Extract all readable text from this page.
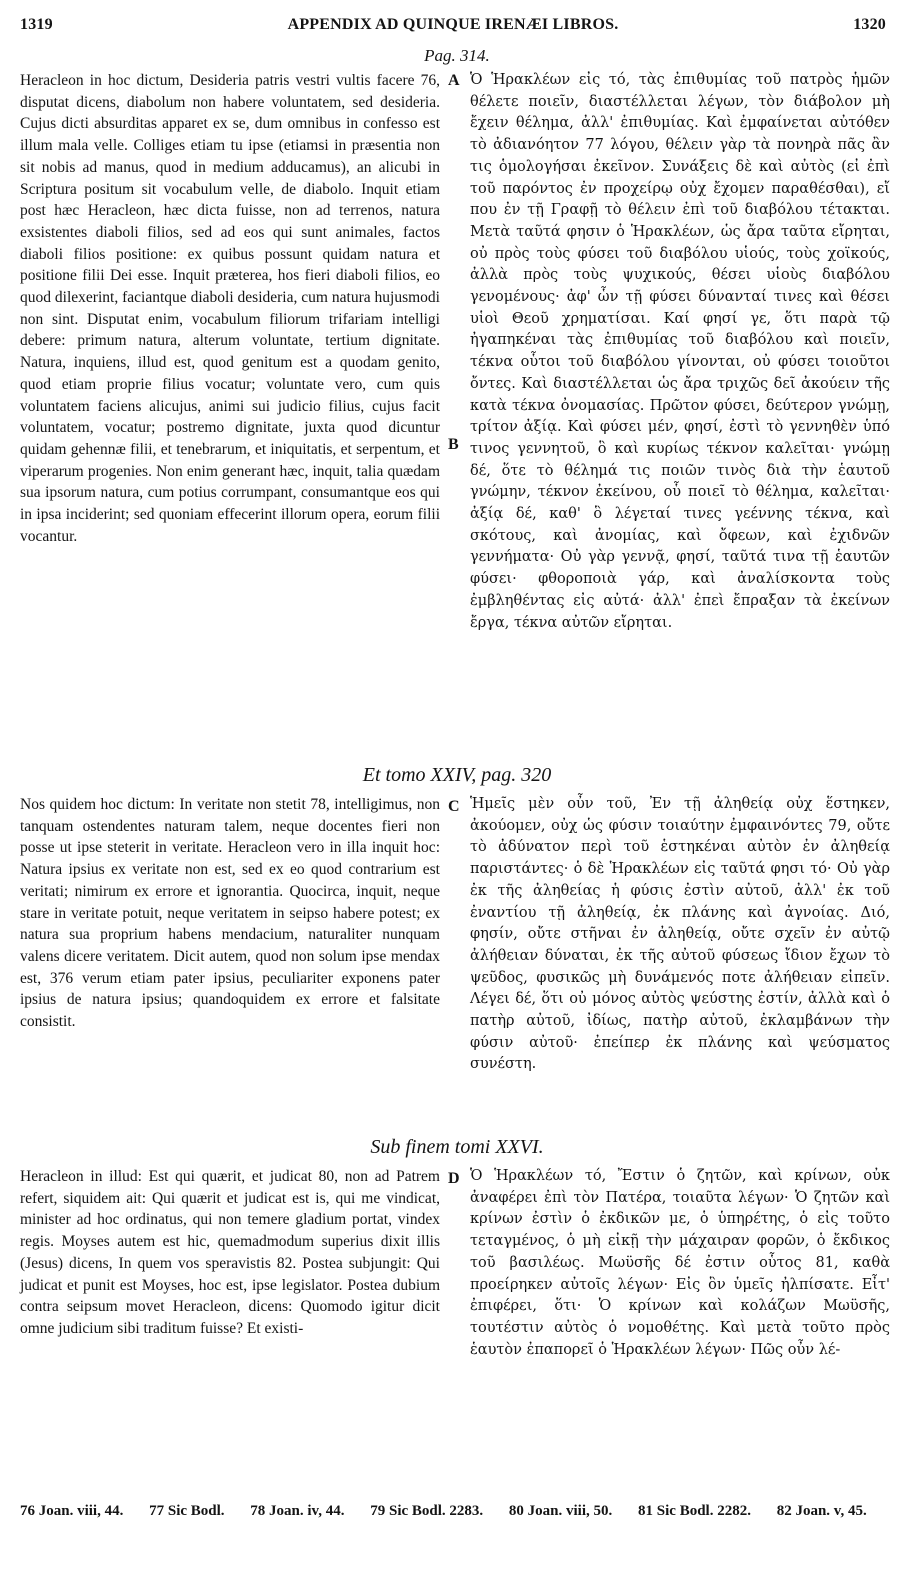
1319	APPENDIX AD QUINQUE IRENÆI LIBROS.	1320
Pag. 314.

Heracleon in hoc dictum, Desideria patris vestri vultis facere 76, disputat dicens, diabolum non habere voluntatem, sed desideria. Cujus dicti absurditas apparet ex se, dum omnibus in confesso est illum mala velle. Colliges etiam tu ipse (etiamsi in præsentia non sit nobis ad manus, quod in medium adducamus), an alicubi in Scriptura positum sit vocabulum velle, de diabolo. Inquit etiam post hæc Heracleon, hæc dicta fuisse, non ad terrenos, natura exsistentes diaboli filios, sed ad eos qui sunt animales, factos diaboli filios positione: ex quibus possunt quidam natura et positione filii Dei esse. Inquit præterea, hos fieri diaboli filios, eo quod dilexerint, faciantque diaboli desideria, cum natura hujusmodi non sint. Disputat enim, vocabulum filiorum trifariam intelligi debere: primum natura, alterum voluntate, tertium dignitate. Natura, inquiens, illud est, quod genitum est a quodam genito, quod etiam proprie filius vocatur; voluntate vero, cum quis voluntatem faciens alicujus, animi sui judicio filius, cujus facit voluntatem, vocatur; postremo dignitate, juxta quod dicuntur quidam gehennæ filii, et tenebrarum, et iniquitatis, et serpentum, et viperarum progenies. Non enim generant hæc, inquit, talia quædam sua ipsorum natura, cum potius corrumpant, consumantque eos qui in ipsa inciderint; sed quoniam effecerint illorum opera, eorum filii vocantur.

A Ὁ Ἡρακλέων εἰς τό, τὰς ἐπιθυμίας τοῦ πατρὸς ἡμῶν θέλετε ποιεῖν, διαστέλλεται λέγων, τὸν διάβολον μὴ ἔχειν θέλημα, ἀλλ' ἐπιθυμίας. Καὶ ἐμφαίνεται αὐτόθεν τὸ ἀδιανόητον 77 λόγου, θέλειν γὰρ τὰ πονηρὰ πᾶς ἂν τις ὁμολογήσαι ἐκεῖνον. Συνάξεις δὲ καὶ αὐτὸς (εἰ ἐπὶ τοῦ παρόντος ἐν προχείρῳ οὐχ ἔχομεν παραθέσθαι), εἴ που ἐν τῇ Γραφῇ τὸ θέλειν ἐπὶ τοῦ διαβόλου τέτακται. Μετὰ ταῦτά φησιν ὁ Ἡρακλέων, ὡς ἄρα ταῦτα εἴρηται, οὐ πρὸς τοὺς φύσει τοῦ διαβόλου υἱούς, τοὺς χοϊκούς, ἀλλὰ πρὸς τοὺς ψυχικούς, θέσει υἱοὺς διαβόλου γενομένους· ἀφ' ὧν τῇ φύσει δύνανταί τινες καὶ θέσει υἱοὶ Θεοῦ χρηματίσαι. Καί φησί γε, ὅτι παρὰ τῷ ἠγαπηκέναι τὰς ἐπιθυμίας τοῦ διαβόλου καὶ ποιεῖν, τέκνα οὗτοι τοῦ διαβόλου γίνονται, οὐ φύσει τοιοῦτοι ὄντες. Καὶ διαστέλλεται ὡς ἄρα τριχῶς δεῖ ἀκούειν τῆς κατὰ τέκνα ὀνομασίας. Πρῶτον φύσει, δεύτερον γνώμῃ, τρίτον ἀξίᾳ. Καὶ φύσει μέν, φησί, ἐστὶ τὸ γεννηθὲν ὑπό τινος γεννητοῦ, ὃ καὶ κυρίως τέκνον καλεῖται· γνώμῃ δέ, ὅτε τὸ θέλημά τις ποιῶν τινὸς διὰ τὴν ἑαυτοῦ γνώμην, τέκνον ἐκείνου, οὗ ποιεῖ τὸ θέλημα, καλεῖται· ἀξίᾳ δέ, καθ' ὃ λέγεταί τινες γεέννης τέκνα, καὶ σκότους, καὶ ἀνομίας, καὶ ὄφεων, καὶ ἐχιδνῶν γεννήματα· Οὐ γὰρ γεννᾷ, φησί, ταῦτά τινα τῇ ἑαυτῶν φύσει· φθοροποιὰ γάρ, καὶ ἀναλίσκοντα τοὺς ἐμβληθέντας εἰς αὐτά· ἀλλ' ἐπεὶ ἔπραξαν τὰ ἐκείνων ἔργα, τέκνα αὐτῶν εἴρηται.

B
Et tomo XXIV, pag. 320

Nos quidem hoc dictum: In veritate non stetit 78, intelligimus, non tanquam ostendentes naturam talem, neque docentes fieri non posse ut ipse steterit in veritate. Heracleon vero in illa inquit hoc: Natura ipsius ex veritate non est, sed ex eo quod contrarium est veritati; nimirum ex errore et ignorantia. Quocirca, inquit, neque stare in veritate potuit, neque veritatem in seipso habere potest; ex natura sua proprium habens mendacium, naturaliter nunquam valens dicere veritatem. Dicit autem, quod non solum ipse mendax est, 376 verum etiam pater ipsius, peculiariter exponens pater ipsius de natura ipsius; quandoquidem ex errore et falsitate consistit.

C Ἡμεῖς μὲν οὖν τοῦ, Ἐν τῇ ἀληθείᾳ οὐχ ἕστηκεν, ἀκούομεν, οὐχ ὡς φύσιν τοιαύτην ἐμφαινόντες 79, οὔτε τὸ ἀδύνατον περὶ τοῦ ἑστηκέναι αὐτὸν ἐν ἀληθείᾳ παριστάντες· ὁ δὲ Ἡρακλέων εἰς ταῦτά φησι τό· Οὐ γὰρ ἐκ τῆς ἀληθείας ἡ φύσις ἐστὶν αὐτοῦ, ἀλλ' ἐκ τοῦ ἐναντίου τῇ ἀληθείᾳ, ἐκ πλάνης καὶ ἀγνοίας. Διό, φησίν, οὔτε στῆναι ἐν ἀληθείᾳ, οὔτε σχεῖν ἐν αὐτῷ ἀλήθειαν δύναται, ἐκ τῆς αὐτοῦ φύσεως ἴδιον ἔχων τὸ ψεῦδος, φυσικῶς μὴ δυνάμενός ποτε ἀλήθειαν εἰπεῖν. Λέγει δέ, ὅτι οὐ μόνος αὐτὸς ψεύστης ἐστίν, ἀλλὰ καὶ ὁ πατὴρ αὐτοῦ, ἰδίως, πατὴρ αὐτοῦ, ἐκλαμβάνων τὴν φύσιν αὐτοῦ· ἐπείπερ ἐκ πλάνης καὶ ψεύσματος συνέστη.

Sub finem tomi XXVI.

Heracleon in illud: Est qui quærit, et judicat 80, non ad Patrem refert, siquidem ait: Qui quærit et judicat est is, qui me vindicat, minister ad hoc ordinatus, qui non temere gladium portat, vindex regis. Moyses autem est hic, quemadmodum superius dixit illis (Jesus) dicens, In quem vos speravistis 82. Postea subjungit: Qui judicat et punit est Moyses, hoc est, ipse legislator. Postea dubium contra seipsum movet Heracleon, dicens: Quomodo igitur dicit omne judicium sibi traditum fuisse? Et existi-

D Ὁ Ἡρακλέων τό, Ἔστιν ὁ ζητῶν, καὶ κρίνων, οὐκ ἀναφέρει ἐπὶ τὸν Πατέρα, τοιαῦτα λέγων· Ὁ ζητῶν καὶ κρίνων ἐστὶν ὁ ἐκδικῶν με, ὁ ὑπηρέτης, ὁ εἰς τοῦτο τεταγμένος, ὁ μὴ εἰκῇ τὴν μάχαιραν φορῶν, ὁ ἔκδικος τοῦ βασιλέως. Μωϋσῆς δέ ἐστιν οὗτος 81, καθὰ προείρηκεν αὐτοῖς λέγων· Εἰς ὃν ὑμεῖς ἠλπίσατε. Εἶτ' ἐπιφέρει, ὅτι· Ὁ κρίνων καὶ κολάζων Μωϋσῆς, τουτέστιν αὐτὸς ὁ νομοθέτης. Καὶ μετὰ τοῦτο πρὸς ἑαυτὸν ἐπαπορεῖ ὁ Ἡρακλέων λέγων· Πῶς οὖν λέ-

76 Joan. viii, 44. 77 Sic Bodl. 78 Joan. iv, 44. 79 Sic Bodl. 2283. 80 Joan. viii, 50. 81 Sic Bodl. 2282. 82 Joan. v, 45.
